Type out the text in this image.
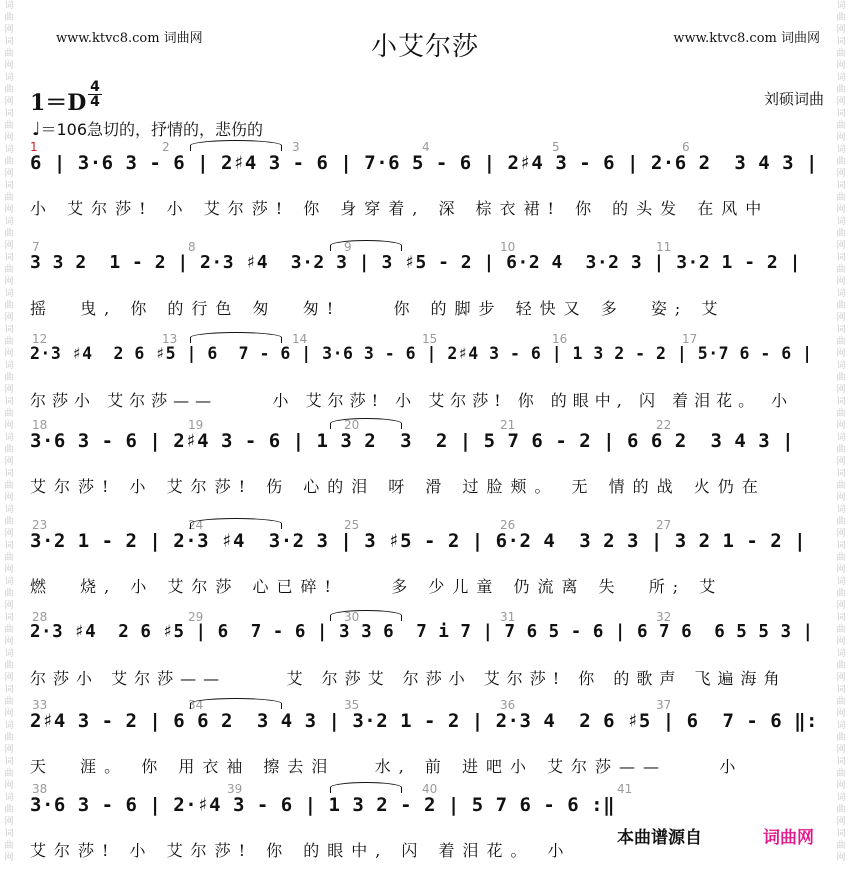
词
曲
网
词
曲
网
词
曲
网
词
曲
网
词
曲
网
词
曲
网
词
曲
网
词
曲
网
词
曲
网
词
曲
网
词
曲
网
词
曲
网
词
曲
网
词
曲
网
词
曲
网
词
曲
网
词
曲
网
词
曲
网
词
曲
网
词
曲
网
词
曲
网
词
曲
网
词
曲
网
词
曲
网

词
曲
网
词
曲
网
词
曲
网
词
曲
网
词
曲
网
词
曲
网
词
曲
网
词
曲
网
词
曲
网
词
曲
网
词
曲
网
词
曲
网
词
曲
网
词
曲
网
词
曲
网
词
曲
网
词
曲
网
词
曲
网
词
曲
网
词
曲
网
词
曲
网
词
曲
网
词
曲
网
词
曲
网

www.ktvc8.com 词曲网	小艾尔莎	www.ktvc8.com 词曲网
1＝D
4
4	刘硕词曲
♩＝106急切的，抒情的，悲伤的
1	2	3	4	5	6
6 | 3·6 3 - 6 | 2♯4 3 - 6 | 7·6 5 - 6 | 2♯4 3 - 6 | 2·6 2  3 4 3 |
小 艾尔莎! 小 艾尔莎! 你 身穿着, 深 棕衣裙! 你 的头发 在风中
7	8	9	10	11
3 3 2  1 - 2 | 2·3 ♯4  3·2 3 | 3 ♯5 - 2 | 6·2 4  3·2 3 | 3·2 1 - 2 |
摇  曳, 你 的行色 匆  匆!    你 的脚步 轻快又 多  姿; 艾
12	13	14	15	16	17
2·3 ♯4  2 6 ♯5 | 6  7 - 6 | 3·6 3 - 6 | 2♯4 3 - 6 | 1 3 2 - 2 | 5·7 6 - 6 |
尔莎小 艾尔莎——     小 艾尔莎! 小 艾尔莎! 你 的眼中, 闪 着泪花。 小
18	19	20	21	22
3·6 3 - 6 | 2♯4 3 - 6 | 1 3 2  3  2 | 5 7 6 - 2 | 6 6 2  3 4 3 |
艾尔莎! 小 艾尔莎! 伤 心的泪 呀 滑 过脸颊。 无 情的战 火仍在
23	24	25	26	27
3·2 1 - 2 | 2·3 ♯4  3·2 3 | 3 ♯5 - 2 | 6·2 4  3 2 3 | 3 2 1 - 2 |
燃  烧, 小 艾尔莎 心已碎!    多 少儿童 仍流离 失  所; 艾
28	29	30	31	32
2·3 ♯4  2 6 ♯5 | 6  7 - 6 | 3 3 6  7 i 7 | 7 6 5 - 6 | 6 7 6  6 5 5 3 |
尔莎小 艾尔莎——     艾 尔莎艾 尔莎小 艾尔莎! 你 的歌声 飞遍海角
33	34	35	36	37
2♯4 3 - 2 | 6 6 2  3 4 3 | 3·2 1 - 2 | 2·3 4  2 6 ♯5 | 6  7 - 6 ‖:
天  涯。 你 用衣袖 擦去泪   水, 前 进吧小 艾尔莎——    小
38	39	40	41
3·6 3 - 6 | 2·♯4 3 - 6 | 1 3 2 - 2 | 5 7 6 - 6 :‖
艾尔莎! 小 艾尔莎! 你 的眼中, 闪 着泪花。 小
本曲谱源自	词曲网
